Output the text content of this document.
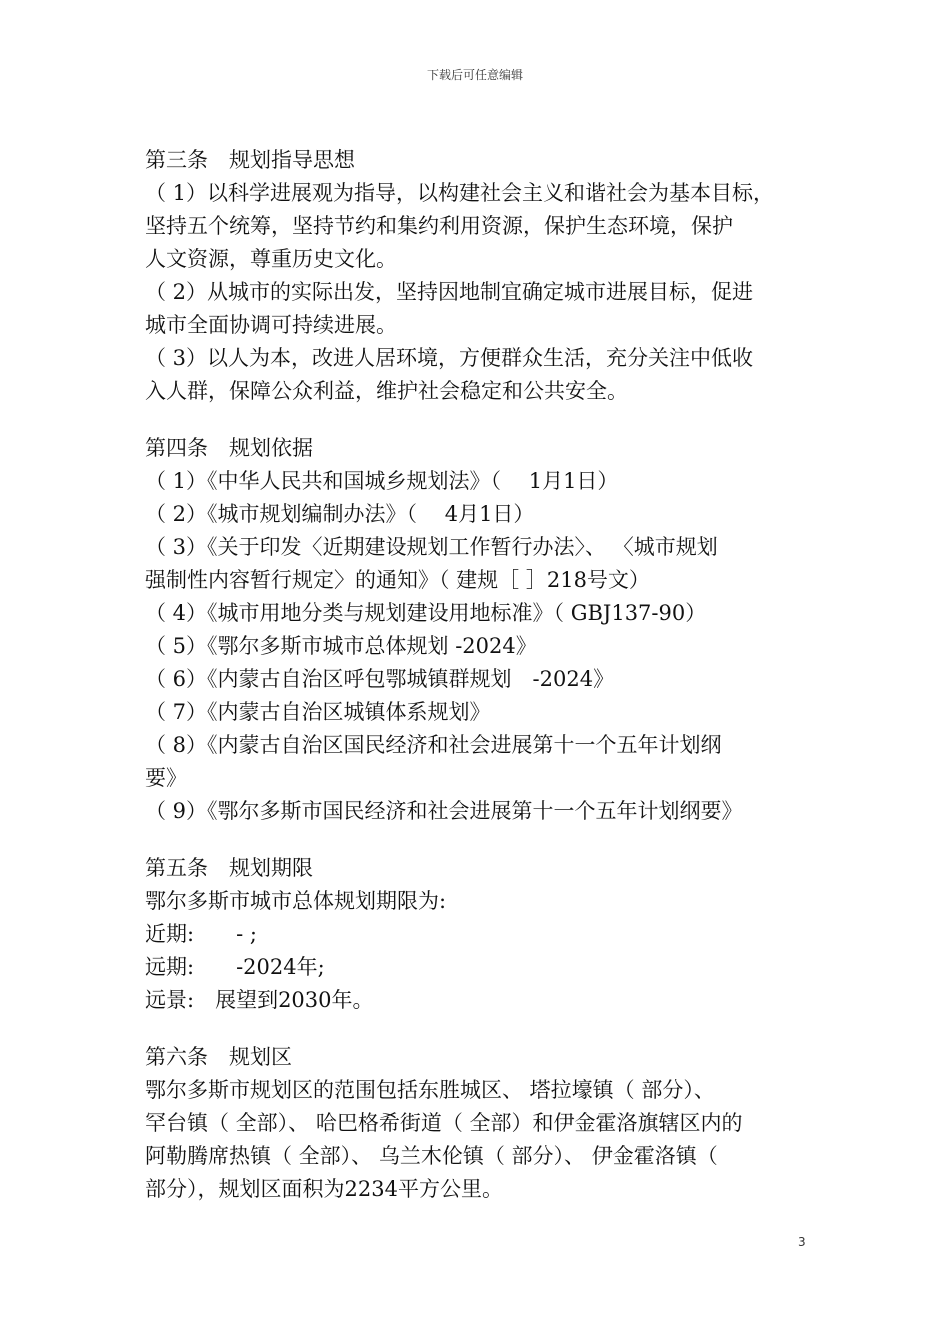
下载后可任意编辑
第三条　规划指导思想
（ 1）以科学进展观为指导，以构建社会主义和谐社会为基本目标，
坚持五个统筹，坚持节约和集约利用资源，保护生态环境，保护
人文资源，尊重历史文化。
（ 2）从城市的实际出发，坚持因地制宜确定城市进展目标，促进
城市全面协调可持续进展。
（ 3）以人为本，改进人居环境，方便群众生活，充分关注中低收
入人群，保障公众利益，维护社会稳定和公共安全。
第四条　规划依据
（ 1）《中华人民共和国城乡规划法》（　 1月1日）
（ 2）《城市规划编制办法》（　 4月1日）
（ 3）《关于印发〈近期建设规划工作暂行办法〉、 〈城市规划
强制性内容暂行规定〉的通知》（ 建规［ ］218号文）
（ 4）《城市用地分类与规划建设用地标准》（ GBJ137-90）
（ 5）《鄂尔多斯市城市总体规划 -2024》
（ 6）《内蒙古自治区呼包鄂城镇群规划　-2024》
（ 7）《内蒙古自治区城镇体系规划》
（ 8）《内蒙古自治区国民经济和社会进展第十一个五年计划纲
要》
（ 9）《鄂尔多斯市国民经济和社会进展第十一个五年计划纲要》
第五条　规划期限
鄂尔多斯市城市总体规划期限为:
近期:　　- ;
远期:　　-2024年;
远景:　展望到2030年。
第六条　规划区
鄂尔多斯市规划区的范围包括东胜城区、 塔拉壕镇（ 部分）、
罕台镇（ 全部）、 哈巴格希街道（ 全部）和伊金霍洛旗辖区内的
阿勒腾席热镇（ 全部）、 乌兰木伦镇（ 部分）、 伊金霍洛镇（
部分），规划区面积为2234平方公里。
3
